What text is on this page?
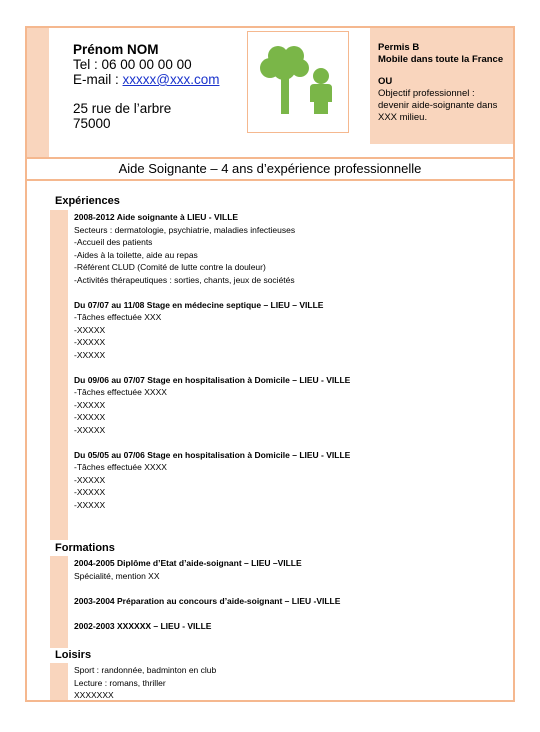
Prénom NOM
Tel : 06 00 00 00 00
E-mail : xxxxx@xxx.com
25 rue de l’arbre
75000
Permis B
Mobile dans toute la France
OU
Objectif professionnel :
devenir aide-soignante dans
XXX milieu.
Aide Soignante – 4 ans d’expérience professionnelle
Expériences
2008-2012 Aide soignante à LIEU - VILLE
Secteurs : dermatologie, psychiatrie, maladies infectieuses
-Accueil des patients
-Aides à la toilette, aide au repas
-Référent CLUD (Comité de lutte contre la douleur)
-Activités thérapeutiques : sorties, chants, jeux de sociétés
Du 07/07 au 11/08 Stage en médecine septique – LIEU – VILLE
-Tâches effectuée XXX
-XXXXX
-XXXXX
-XXXXX
Du 09/06 au 07/07 Stage en hospitalisation à Domicile – LIEU - VILLE
-Tâches effectuée XXXX
-XXXXX
-XXXXX
-XXXXX
Du 05/05 au 07/06 Stage en hospitalisation à Domicile – LIEU - VILLE
-Tâches effectuée XXXX
-XXXXX
-XXXXX
-XXXXX
Formations
2004-2005 Diplôme d’Etat d’aide-soignant – LIEU –VILLE
Spécialité, mention XX
2003-2004 Préparation au concours d’aide-soignant – LIEU -VILLE
2002-2003 XXXXXX – LIEU - VILLE
Loisirs
Sport : randonnée, badminton en club
Lecture : romans, thriller
XXXXXXX
